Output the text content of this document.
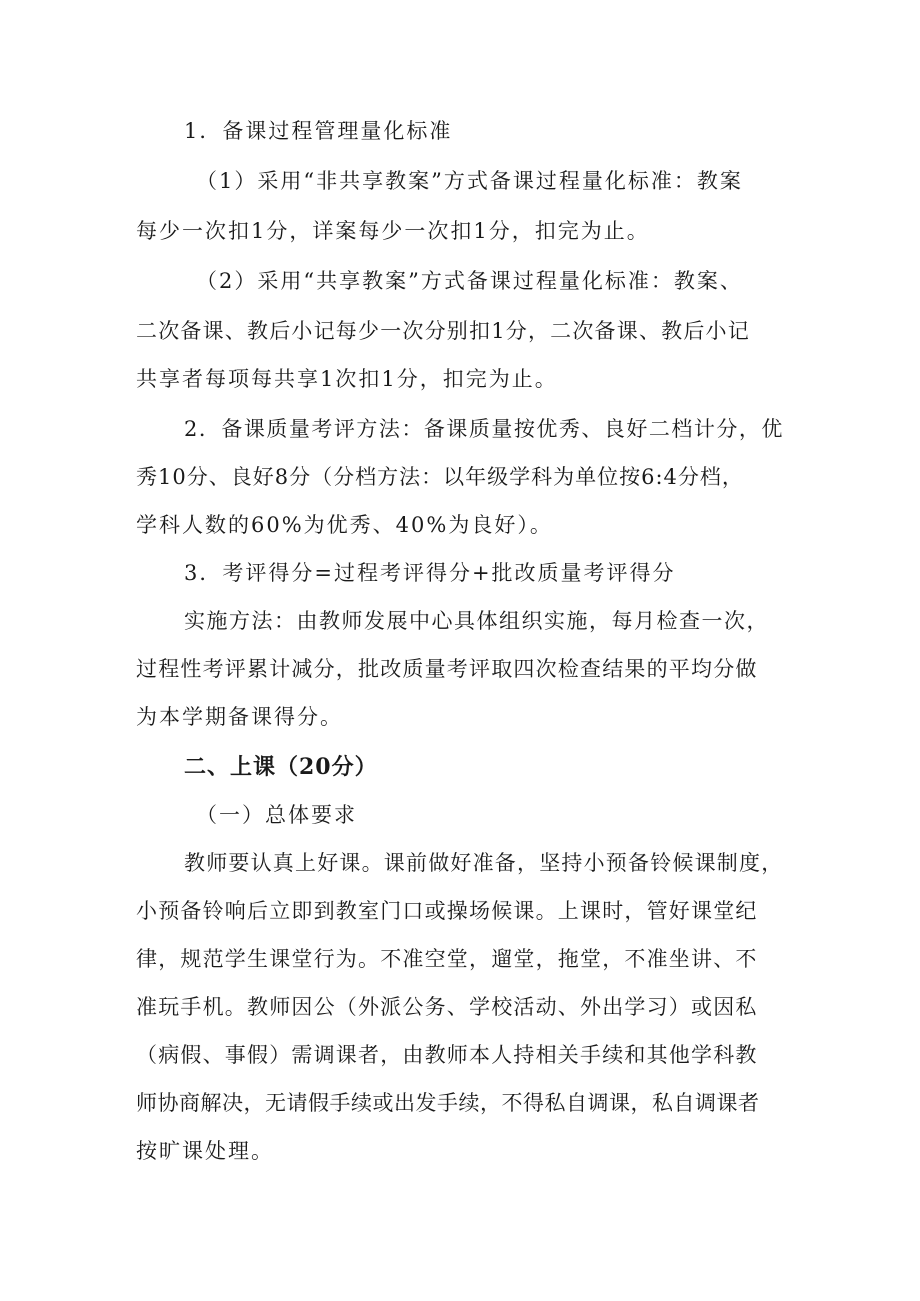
1．备课过程管理量化标准
（1）采用“非共享教案”方式备课过程量化标准：教案
每少一次扣1分，详案每少一次扣1分，扣完为止。
（2）采用“共享教案”方式备课过程量化标准：教案、
二次备课、教后小记每少一次分别扣1分，二次备课、教后小记
共享者每项每共享1次扣1分，扣完为止。
2．备课质量考评方法：备课质量按优秀、良好二档计分，优
秀10分、良好8分（分档方法：以年级学科为单位按6:4分档，
学科人数的60%为优秀、40%为良好）。
3．考评得分=过程考评得分+批改质量考评得分
实施方法：由教师发展中心具体组织实施，每月检查一次，
过程性考评累计减分，批改质量考评取四次检查结果的平均分做
为本学期备课得分。
二、上课（20分）
（一）总体要求
教师要认真上好课。课前做好准备，坚持小预备铃候课制度，
小预备铃响后立即到教室门口或操场候课。上课时，管好课堂纪
律，规范学生课堂行为。不准空堂，遛堂，拖堂，不准坐讲、不
准玩手机。教师因公（外派公务、学校活动、外出学习）或因私
（病假、事假）需调课者，由教师本人持相关手续和其他学科教
师协商解决，无请假手续或出发手续，不得私自调课，私自调课者
按旷课处理。
